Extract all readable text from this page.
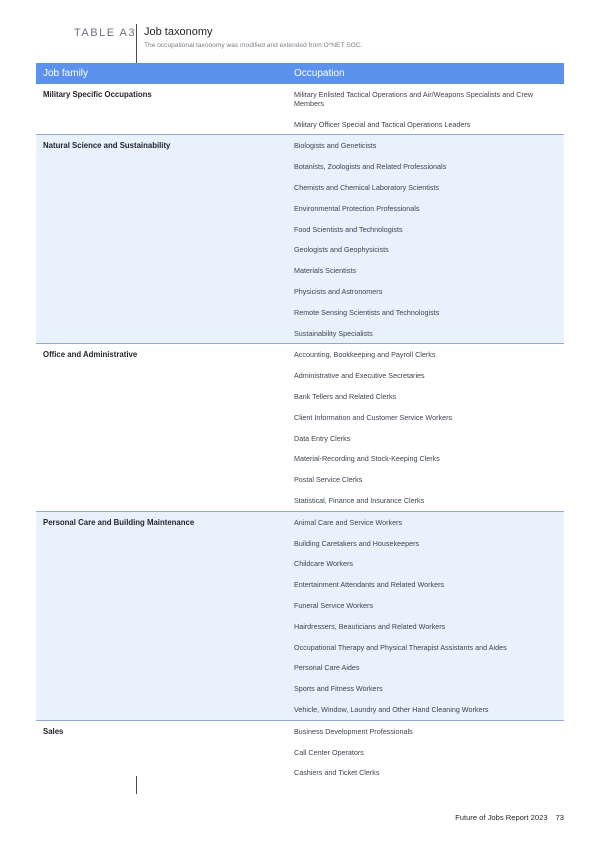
TABLE A3 Job taxonomy
The occupational taxonomy was modified and extended from O*NET SOC.
Job family	Occupation
Military Specific Occupations	Military Enlisted Tactical Operations and Air/Weapons Specialists and Crew Members
Military Officer Special and Tactical Operations Leaders
Natural Science and Sustainability	Biologists and Geneticists
Botanists, Zoologists and Related Professionals
Chemists and Chemical Laboratory Scientists
Environmental Protection Professionals
Food Scientists and Technologists
Geologists and Geophysicists
Materials Scientists
Physicists and Astronomers
Remote Sensing Scientists and Technologists
Sustainability Specialists
Office and Administrative	Accounting, Bookkeeping and Payroll Clerks
Administrative and Executive Secretaries
Bank Tellers and Related Clerks
Client Information and Customer Service Workers
Data Entry Clerks
Material-Recording and Stock-Keeping Clerks
Postal Service Clerks
Statistical, Finance and Insurance Clerks
Personal Care and Building Maintenance	Animal Care and Service Workers
Building Caretakers and Housekeepers
Childcare Workers
Entertainment Attendants and Related Workers
Funeral Service Workers
Hairdressers, Beauticians and Related Workers
Occupational Therapy and Physical Therapist Assistants and Aides
Personal Care Aides
Sports and Fitness Workers
Vehicle, Window, Laundry and Other Hand Cleaning Workers
Sales	Business Development Professionals
Call Center Operators
Cashiers and Ticket Clerks
Future of Jobs Report 2023 73
